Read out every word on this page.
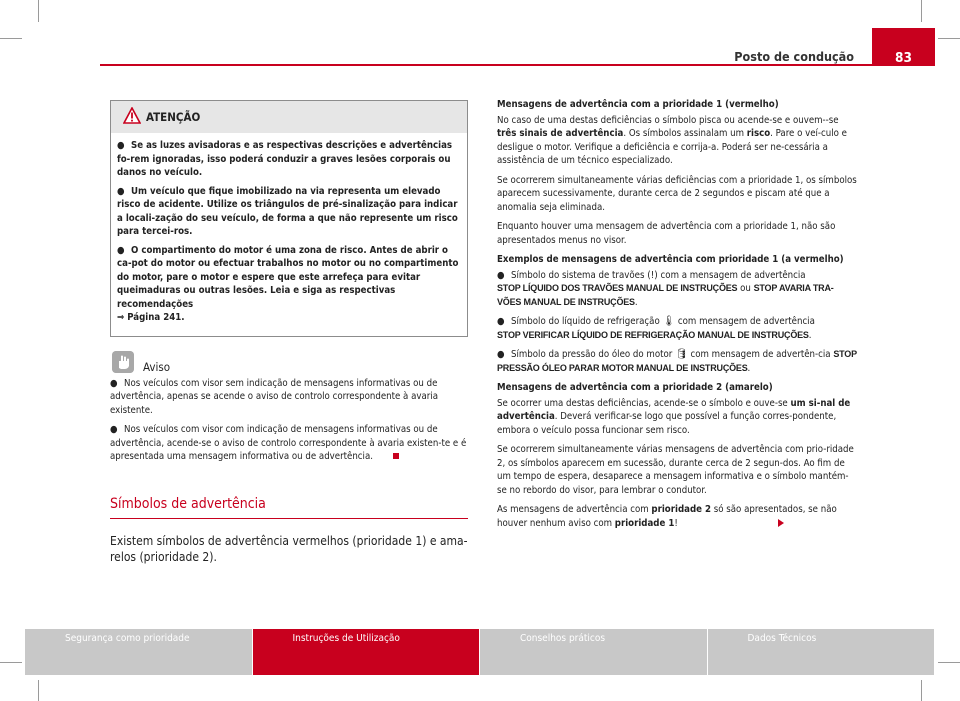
Posto de condução	83
ATENÇÃO

● Se as luzes avisadoras e as respectivas descrições e advertências fo-rem ignoradas, isso poderá conduzir a graves lesões corporais ou danos no veículo.

● Um veículo que fique imobilizado na via representa um elevado risco de acidente. Utilize os triângulos de pré-sinalização para indicar a locali-zação do seu veículo, de forma a que não represente um risco para tercei-ros.

● O compartimento do motor é uma zona de risco. Antes de abrir o ca-pot do motor ou efectuar trabalhos no motor ou no compartimento do motor, pare o motor e espere que este arrefeça para evitar queimaduras ou outras lesões. Leia e siga as respectivas recomendações
⇒ Página 241.

Aviso

● Nos veículos com visor sem indicação de mensagens informativas ou de advertência, apenas se acende o aviso de controlo correspondente à avaria existente.

● Nos veículos com visor com indicação de mensagens informativas ou de advertência, acende-se o aviso de controlo correspondente à avaria existen-te e é apresentada uma mensagem informativa ou de advertência.

Símbolos de advertência
Existem símbolos de advertência vermelhos (prioridade 1) e ama-relos (prioridade 2).

Mensagens de advertência com a prioridade 1 (vermelho)

No caso de uma destas deficiências o símbolo pisca ou acende-se e ouvem--se três sinais de advertência. Os símbolos assinalam um risco. Pare o veí-culo e desligue o motor. Verifique a deficiência e corrija-a. Poderá ser ne-cessária a assistência de um técnico especializado.

Se ocorrerem simultaneamente várias deficiências com a prioridade 1, os símbolos aparecem sucessivamente, durante cerca de 2 segundos e piscam até que a anomalia seja eliminada.

Enquanto houver uma mensagem de advertência com a prioridade 1, não são apresentados menus no visor.

Exemplos de mensagens de advertência com prioridade 1 (a vermelho)

● Símbolo do sistema de travões (!) com a mensagem de advertência
STOP LÍQUIDO DOS TRAVÕES MANUAL DE INSTRUÇÕES ou STOP AVARIA TRA-VÕES MANUAL DE INSTRUÇÕES.

● Símbolo do líquido de refrigeração 🌡 com mensagem de advertência
STOP VERIFICAR LÍQUIDO DE REFRIGERAÇÃO MANUAL DE INSTRUÇÕES.

● Símbolo da pressão do óleo do motor 🛢 com mensagem de advertên-cia STOP PRESSÃO ÓLEO PARAR MOTOR MANUAL DE INSTRUÇÕES.

Mensagens de advertência com a prioridade 2 (amarelo)

Se ocorrer uma destas deficiências, acende-se o símbolo e ouve-se um si-nal de advertência. Deverá verificar-se logo que possível a função corres-pondente, embora o veículo possa funcionar sem risco.

Se ocorrerem simultaneamente várias mensagens de advertência com prio-ridade 2, os símbolos aparecem em sucessão, durante cerca de 2 segun-dos. Ao fim de um tempo de espera, desaparece a mensagem informativa e o símbolo mantém-se no rebordo do visor, para lembrar o condutor.

As mensagens de advertência com prioridade 2 só são apresentados, se não houver nenhum aviso com prioridade 1!

Segurança como prioridade	Instruções de Utilização	Conselhos práticos	Dados Técnicos
